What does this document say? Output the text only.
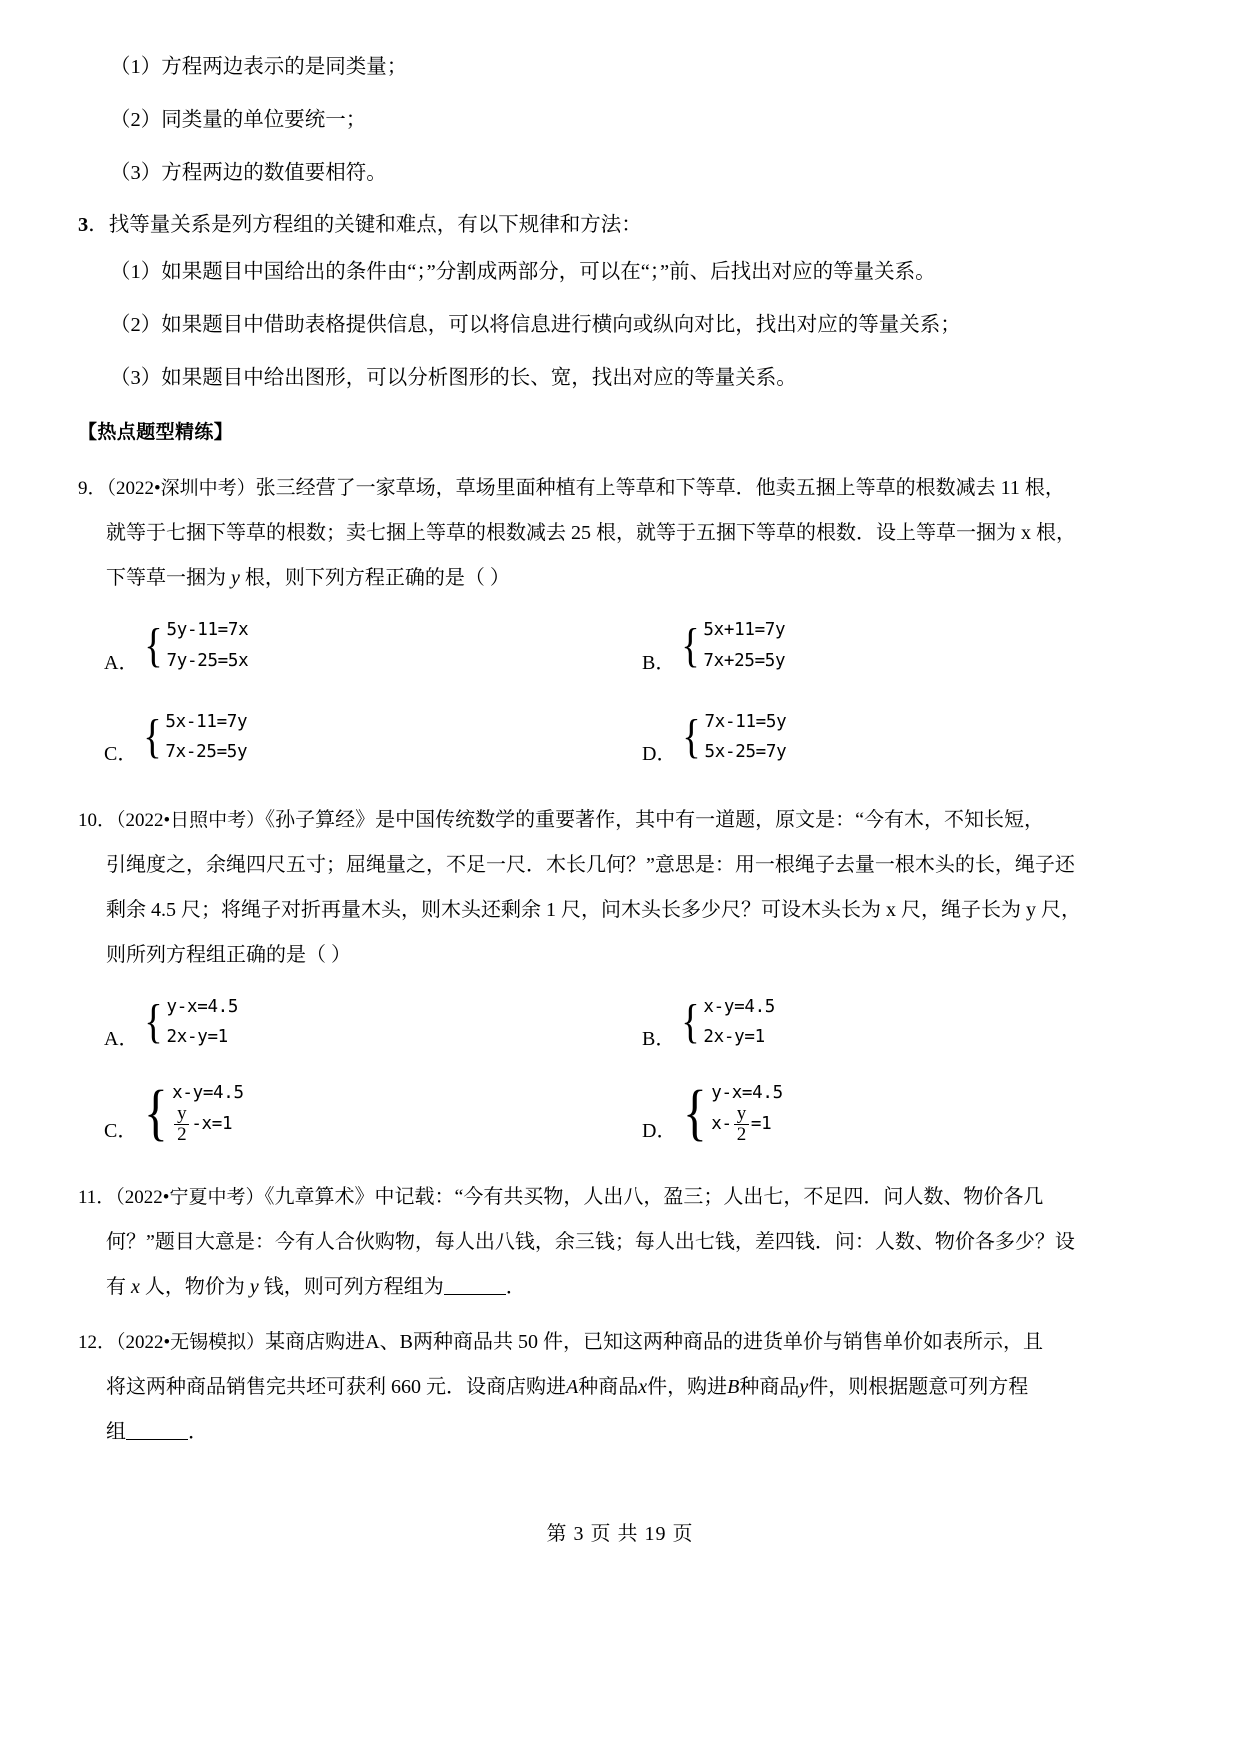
（1）方程两边表示的是同类量；
（2）同类量的单位要统一；
（3）方程两边的数值要相符。
3．找等量关系是列方程组的关键和难点，有以下规律和方法：
（1）如果题目中国给出的条件由“；”分割成两部分，可以在“；”前、后找出对应的等量关系。
（2）如果题目中借助表格提供信息，可以将信息进行横向或纵向对比，找出对应的等量关系；
（3）如果题目中给出图形，可以分析图形的长、宽，找出对应的等量关系。
【热点题型精练】
9．（2022•深圳中考）张三经营了一家草场，草场里面种植有上等草和下等草．他卖五捆上等草的根数减去 11 根，

就等于七捆下等草的根数；卖七捆上等草的根数减去 25 根，就等于五捆下等草的根数．设上等草一捆为 x 根，
下等草一捆为 y 根，则下列方程正确的是（ ）
A． { 5y-11=7x
7y-25=5x	B． { 5x+11=7y
7x+25=5y
C． { 5x-11=7y
7x-25=5y	D． { 7x-11=5y
5x-25=7y
10．（2022•日照中考）《孙子算经》是中国传统数学的重要著作，其中有一道题，原文是：“今有木，不知长短，

引绳度之，余绳四尺五寸；屈绳量之，不足一尺．木长几何？”意思是：用一根绳子去量一根木头的长，绳子还
剩余 4.5 尺；将绳子对折再量木头，则木头还剩余 1 尺，问木头长多少尺？可设木头长为 x 尺，绳子长为 y 尺，
则所列方程组正确的是（ ）
A． { y-x=4.5
2x-y=1	B． { x-y=4.5
2x-y=1
C． { x-y=4.5
$\frac{y}{2} -x=1$	D． { y-x=4.5
$x- \frac{y}{2} =1$
11．（2022•宁夏中考）《九章算术》中记载：“今有共买物，人出八，盈三；人出七，不足四．问人数、物价各几

何？”题目大意是：今有人合伙购物，每人出八钱，余三钱；每人出七钱，差四钱．问：人数、物价各多少？设
有 x 人，物价为 y 钱，则可列方程组为	．
12．（2022•无锡模拟）某商店购进A、B两种商品共 50 件，已知这两种商品的进货单价与销售单价如表所示，且

将这两种商品销售完共坯可获利 660 元．设商店购进A种商品x件，购进B种商品y件，则根据题意可列方程
组	．
第 3 页 共 19 页
